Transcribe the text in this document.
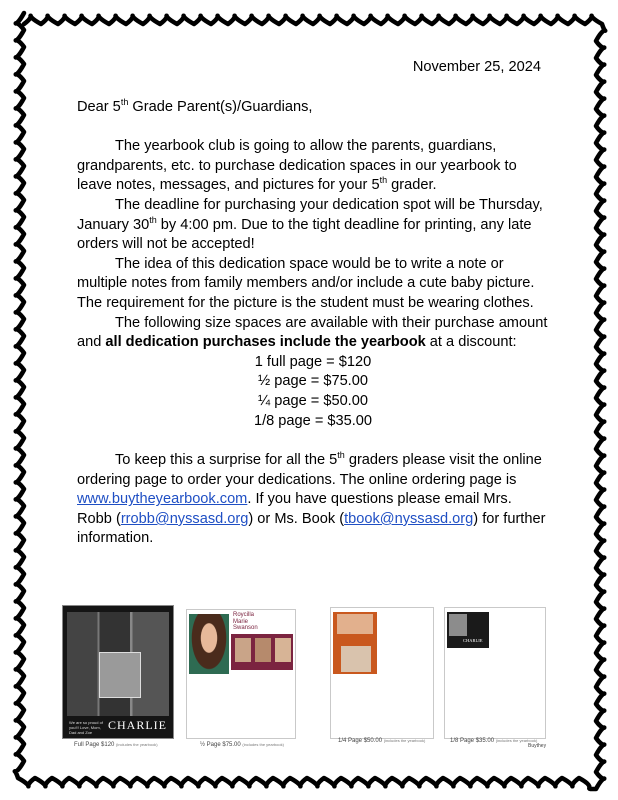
November 25, 2024
Dear 5th Grade Parent(s)/Guardians,

The yearbook club is going to allow the parents, guardians, grandparents, etc. to purchase dedication spaces in our yearbook to leave notes, messages, and pictures for your 5th grader.

The deadline for purchasing your dedication spot will be Thursday, January 30th by 4:00 pm. Due to the tight deadline for printing, any late orders will not be accepted!

The idea of this dedication space would be to write a note or multiple notes from family members and/or include a cute baby picture. The requirement for the picture is the student must be wearing clothes.

The following size spaces are available with their purchase amount and all dedication purchases include the yearbook at a discount:

1 full page = $120
½ page = $75.00
¼ page = $50.00
1/8 page = $35.00

To keep this a surprise for all the 5th graders please visit the online ordering page to order your dedications. The online ordering page is www.buytheyearbook.com. If you have questions please email Mrs. Robb (rrobb@nyssasd.org) or Ms. Book (tbook@nyssasd.org) for further information.

We are so proud of you!!! Love, Mom, Dad and Zoe
CHARLIE
Full Page $120 (includes the yearbook)
Roycilla
Marie
Swanson
½ Page $75.00 (includes the yearbook)
1/4 Page $50.00 (includes the yearbook)
CHARLIE
1/8 Page $35.00 (includes the yearbook)
Buythey
